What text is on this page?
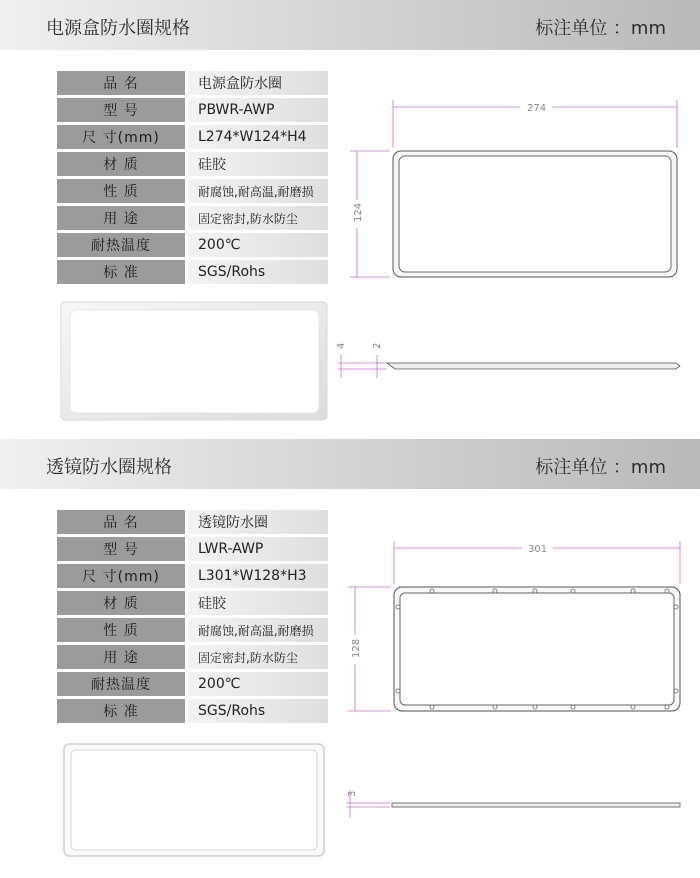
电源盒防水圈规格	标注单位 ：mm
品 名	电源盒防水圈
型 号	PBWR-AWP
尺 寸(mm)	L274*W124*H4
材 质	硅胶
性 质	耐腐蚀,耐高温,耐磨损
用 途	固定密封,防水防尘
耐热温度	200℃
标 准	SGS/Rohs
274
124
4	2
301
128
3
透镜防水圈规格	标注单位 ：mm
品 名	透镜防水圈
型 号	LWR-AWP
尺 寸(mm)	L301*W128*H3
材 质	硅胶
性 质	耐腐蚀,耐高温,耐磨损
用 途	固定密封,防水防尘
耐热温度	200℃
标 准	SGS/Rohs
